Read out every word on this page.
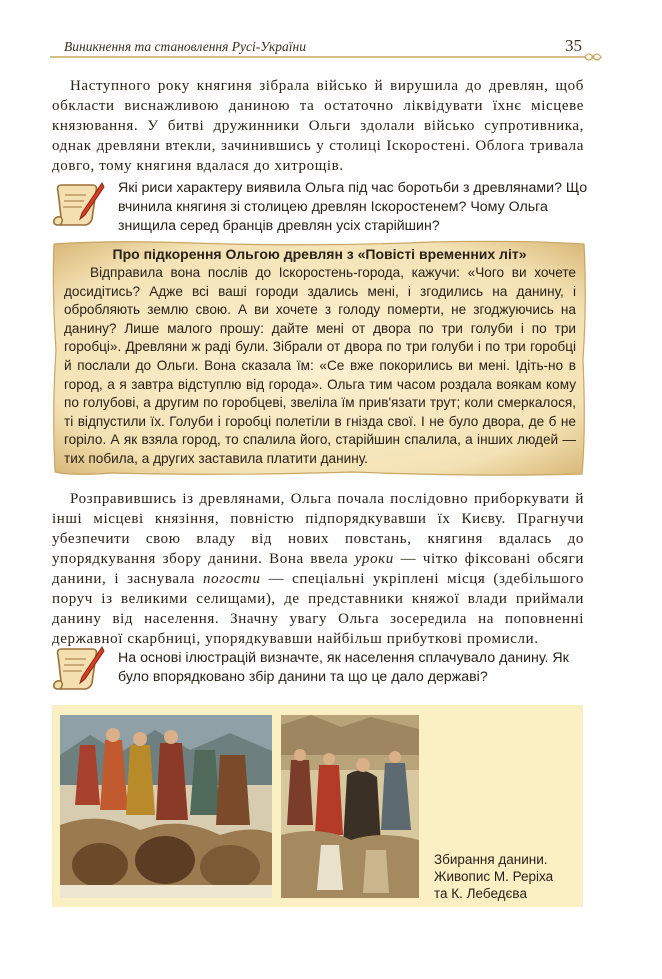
Виникнення та становлення Русі-України	35

Наступного року княгиня зібрала військо й вирушила до древлян, щоб обкласти виснажливою даниною та остаточно ліквідувати їхнє місцеве князювання. У битві дружинники Ольги здолали військо супротивника, однак древляни втекли, зачинившись у столиці Іскоростені. Облога тривала довго, тому княгиня вдалася до хитрощів.

Які риси характеру виявила Ольга під час боротьби з древлянами? Що вчинила княгиня зі столицею древлян Іскоростенем? Чому Ольга знищила серед бранців древлян усіх старійшин?
Про підкорення Ольгою древлян з «Повісті временних літ»
Відправила вона послів до Іскоростень-города, кажучи: «Чого ви хочете досидітись? Адже всі ваші городи здались мені, і згодились на данину, і обробляють землю свою. А ви хочете з голоду померти, не згоджуючись на данину? Лише малого прошу: дайте мені от двора по три голуби і по три горобці». Древляни ж раді були. Зібрали от двора по три голуби і по три горобці й послали до Ольги. Вона сказала їм: «Се вже покорились ви мені. Ідіть-но в город, а я завтра відступлю від города». Ольга тим часом роздала воякам кому по голубові, а другим по горобцеві, звеліла їм прив'язати трут; коли смеркалося, ті відпустили їх. Голуби і горобці полетіли в гнізда свої. І не було двора, де б не горіло. А як взяла город, то спалила його, старійшин спалила, а інших людей — тих побила, а других заставила платити данину.

Розправившись із древлянами, Ольга почала послідовно приборкувати й інші місцеві князіння, повністю підпорядкувавши їх Києву. Прагнучи убезпечити свою владу від нових повстань, княгиня вдалась до упорядкування збору данини. Вона ввела уроки — чітко фіксовані обсяги данини, і заснувала погости — спеціальні укріплені місця (здебільшого поруч із великими селищами), де представники княжої влади приймали данину від населення. Значну увагу Ольга зосередила на поповненні державної скарбниці, упорядкувавши найбільш прибуткові промисли.

На основі ілюстрацій визначте, як населення сплачувало данину. Як було впорядковано збір данини та що це дало державі?
Збирання данини.
Живопис М. Реріха
та К. Лебедєва
